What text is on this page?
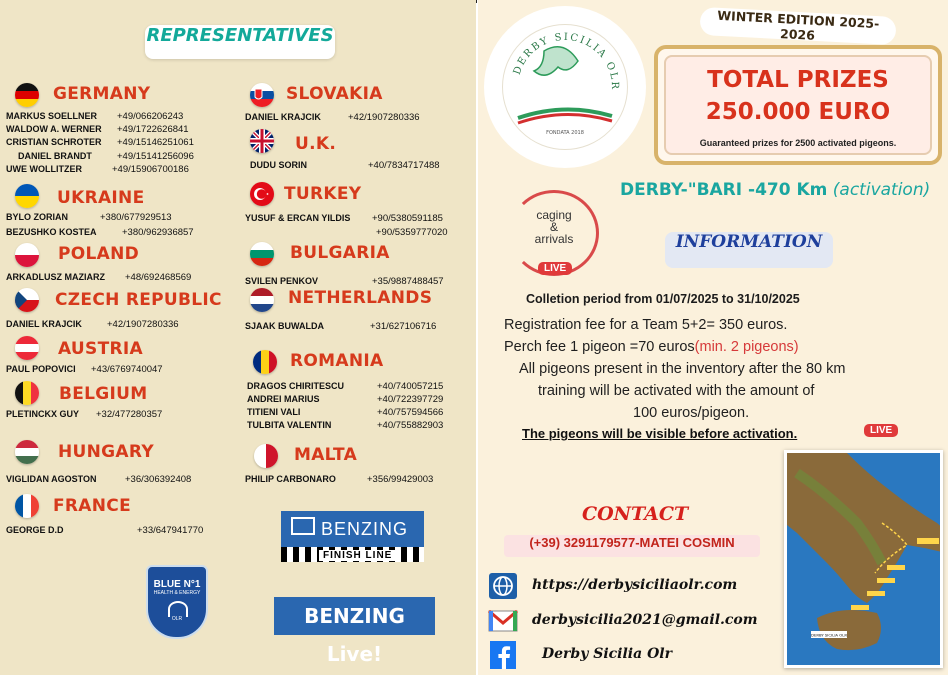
REPRESENTATIVES
GERMANY
MARKUS SOELLNER +49/066206243
WALDOW A. WERNER +49/1722626841
CRISTIAN SCHROTER +49/15146251061
DANIEL BRANDT	+49/15141256096
UWE WOLLITZER	+49/15906700186
UKRAINE
BYLO ZORIAN	+380/677929513
BEZUSHKO KOSTEA	+380/962936857
POLAND
ARKADLUSZ MAZIARZ +48/692468569
CZECH REPUBLIC
DANIEL KRAJCIK	+42/1907280336
AUSTRIA
PAUL POPOVICI +43/6769740047
BELGIUM
PLETINCKX GUY +32/477280357
HUNGARY
VIGLIDAN AGOSTON	+36/306392408
FRANCE
GEORGE D.D	+33/647941770
SLOVAKIA
DANIEL KRAJCIK	+42/1907280336
U.K.
DUDU SORIN	+40/7834717488
TURKEY
YUSUF & ERCAN YILDIS +90/5380591185
+90/5359777020
BULGARIA
SVILEN PENKOV	+35/9887488457
NETHERLANDS
SJAAK BUWALDA	+31/627106716
ROMANIA
DRAGOS CHIRITESCU	+40/740057215
ANDREI MARIUS	+40/722397729
TITIENI VALI	+40/757594566
TULBITA VALENTIN	+40/755882903
MALTA
PHILIP CARBONARO	+356/99429003
BENZING
FINISH LINE
BENZING Live!
BLUE N°1
HEALTH & ENERGY
OLR
DERBY SICILIA OLR
FONDATA 2018
WINTER EDITION 2025-2026
TOTAL PRIZES
250.000 EURO
Guaranteed prizes for 2500 activated pigeons.
DERBY-"BARI -470 Km (activation)
caging
&
arrivals
LIVE
INFORMATION
Colletion period from 01/07/2025 to 31/10/2025
Registration fee for a Team 5+2= 350 euros.
Perch fee 1 pigeon =70 euros(min. 2 pigeons)
All pigeons present in the inventory after the 80 km
training will be activated with the amount of
100 euros/pigeon.
The pigeons will be visible before activation.	LIVE
CONTACT
(+39) 3291179577-MATEI COSMIN
https://derbysiciliaolr.com
derbysicilia2021@gmail.com
Derby Sicilia Olr
DERBY SICILIA OLR
